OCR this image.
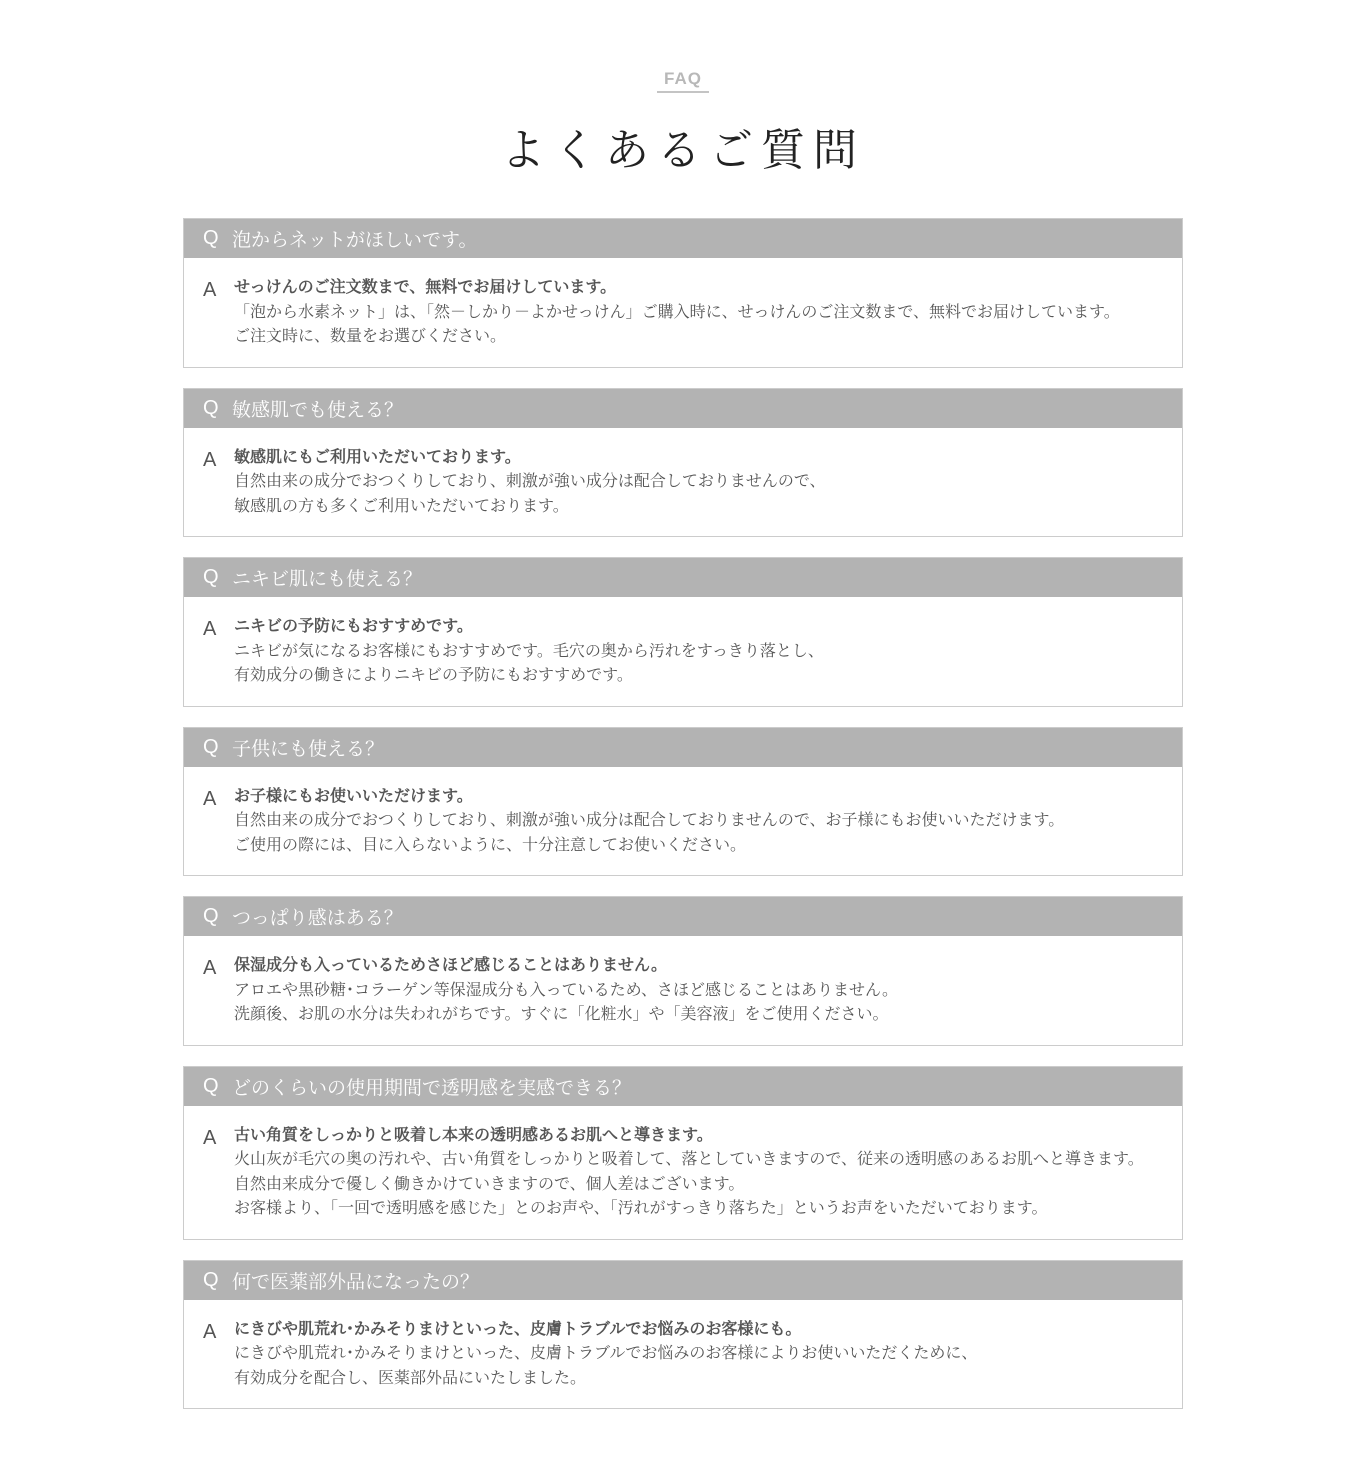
FAQ
よくあるご質問
Q 泡からネットがほしいです。
A	せっけんのご注文数まで、無料でお届けしています。
「泡から水素ネット」は、「然－しかり－よかせっけん」ご購入時に、せっけんのご注文数まで、無料でお届けしています。
ご注文時に、数量をお選びください。
Q 敏感肌でも使える？
A	敏感肌にもご利用いただいております。
自然由来の成分でおつくりしており、刺激が強い成分は配合しておりませんので、
敏感肌の方も多くご利用いただいております。
Q ニキビ肌にも使える？
A	ニキビの予防にもおすすめです。
ニキビが気になるお客様にもおすすめです。毛穴の奥から汚れをすっきり落とし、
有効成分の働きによりニキビの予防にもおすすめです。
Q 子供にも使える？
A	お子様にもお使いいただけます。
自然由来の成分でおつくりしており、刺激が強い成分は配合しておりませんので、お子様にもお使いいただけます。
ご使用の際には、目に入らないように、十分注意してお使いください。
Q つっぱり感はある？
A	保湿成分も入っているためさほど感じることはありません。
アロエや黒砂糖･コラーゲン等保湿成分も入っているため、さほど感じることはありません。
洗顔後、お肌の水分は失われがちです。すぐに「化粧水」や「美容液」をご使用ください。
Q どのくらいの使用期間で透明感を実感できる？
A	古い角質をしっかりと吸着し本来の透明感あるお肌へと導きます。
火山灰が毛穴の奥の汚れや、古い角質をしっかりと吸着して、落としていきますので、従来の透明感のあるお肌へと導きます。
自然由来成分で優しく働きかけていきますので、個人差はございます。
お客様より、「一回で透明感を感じた」とのお声や、「汚れがすっきり落ちた」というお声をいただいております。
Q 何で医薬部外品になったの？
A	にきびや肌荒れ･かみそりまけといった、皮膚トラブルでお悩みのお客様にも。
にきびや肌荒れ･かみそりまけといった、皮膚トラブルでお悩みのお客様によりお使いいただくために、
有効成分を配合し、医薬部外品にいたしました。
